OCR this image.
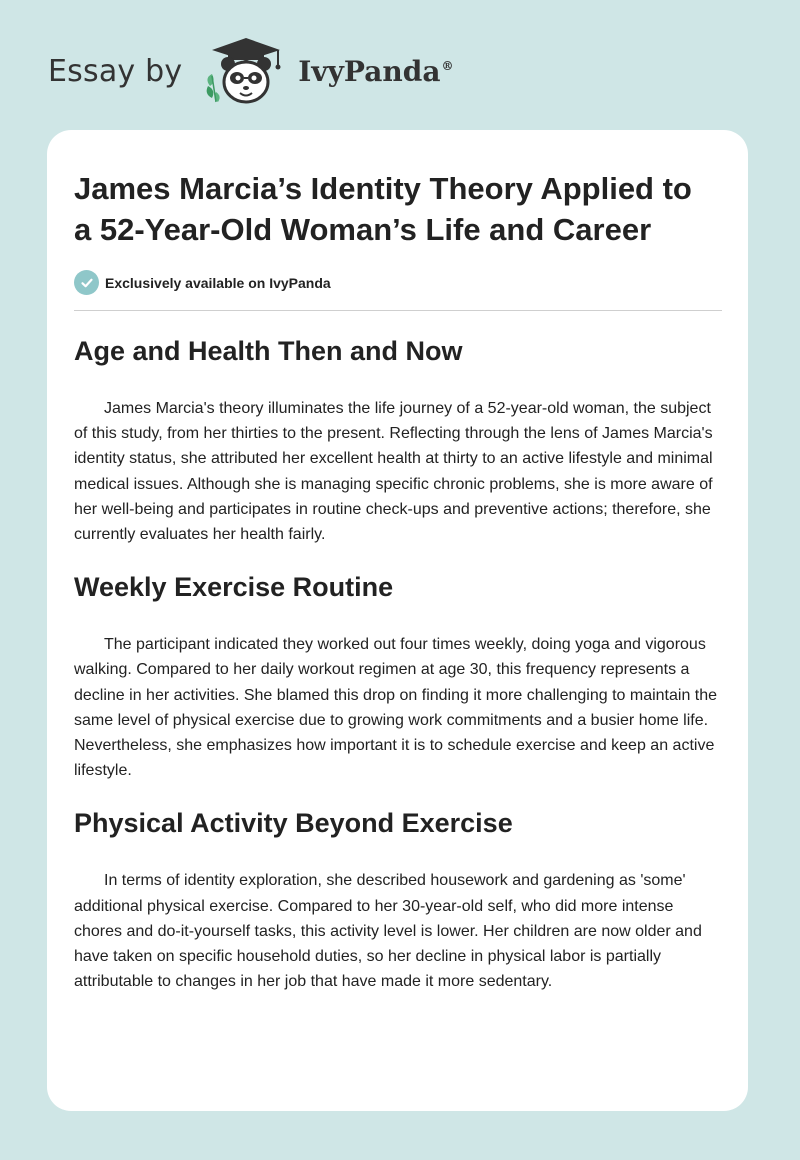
Essay by	IvyPanda®
James Marcia’s Identity Theory Applied to a 52-Year-Old Woman’s Life and Career
Exclusively available on IvyPanda
Age and Health Then and Now

James Marcia's theory illuminates the life journey of a 52-year-old woman, the subject of this study, from her thirties to the present. Reflecting through the lens of James Marcia's identity status, she attributed her excellent health at thirty to an active lifestyle and minimal medical issues. Although she is managing specific chronic problems, she is more aware of her well-being and participates in routine check-ups and preventive actions; therefore, she currently evaluates her health fairly.

Weekly Exercise Routine

The participant indicated they worked out four times weekly, doing yoga and vigorous walking. Compared to her daily workout regimen at age 30, this frequency represents a decline in her activities. She blamed this drop on finding it more challenging to maintain the same level of physical exercise due to growing work commitments and a busier home life. Nevertheless, she emphasizes how important it is to schedule exercise and keep an active lifestyle.

Physical Activity Beyond Exercise

In terms of identity exploration, she described housework and gardening as 'some' additional physical exercise. Compared to her 30-year-old self, who did more intense chores and do-it-yourself tasks, this activity level is lower. Her children are now older and have taken on specific household duties, so her decline in physical labor is partially attributable to changes in her job that have made it more sedentary.
